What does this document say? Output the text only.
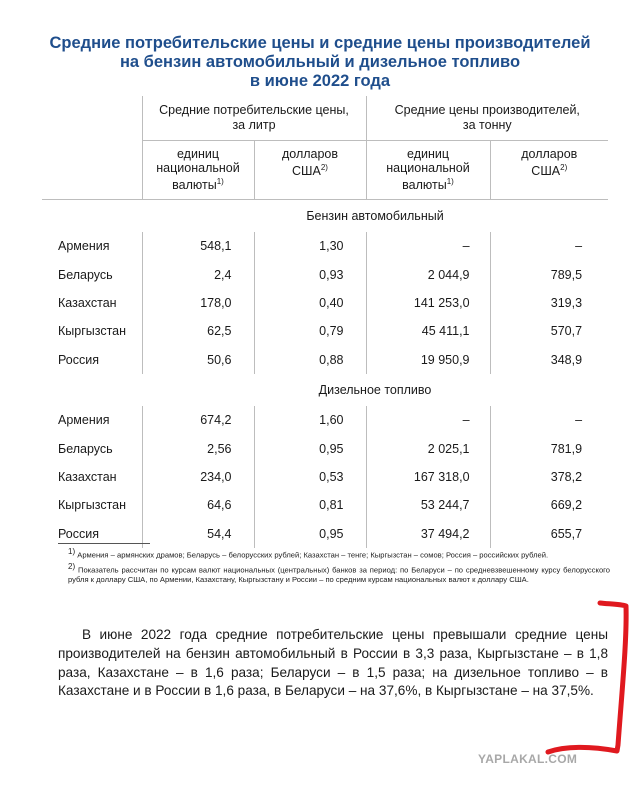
Средние потребительские цены и средние цены производителей
на бензин автомобильный и дизельное топливо
в июне 2022 года
	Средние потребительские цены,
за литр		Средние цены производителей,
за тонну	
	единиц
национальной
валюты$^{1)}$	долларов
США$^{2)}$	единиц
национальной
валюты$^{1)}$	долларов
США$^{2)}$

	Бензин автомобильный			
Армения	548,1	1,30	–	–
Беларусь	2,4	0,93	2 044,9	789,5
Казахстан	178,0	0,40	141 253,0	319,3
Кыргызстан	62,5	0,79	45 411,1	570,7
Россия	50,6	0,88	19 950,9	348,9
	Дизельное топливо			
Армения	674,2	1,60	–	–
Беларусь	2,56	0,95	2 025,1	781,9
Казахстан	234,0	0,53	167 318,0	378,2
Кыргызстан	64,6	0,81	53 244,7	669,2
Россия	54,4	0,95	37 494,2	655,7

$^{1)}$ Армения – армянских драмов; Беларусь – белорусских рублей; Казахстан – тенге; Кыргызстан – сомов; Россия – российских рублей.

$^{2)}$ Показатель рассчитан по курсам валют национальных (центральных) банков за период: по Беларуси – по средневзвешенному курсу белорусского рубля к доллару США, по Армении, Казахстану, Кыргызстану и России – по средним курсам национальных валют к доллару США.

В июне 2022 года средние потребительские цены превышали средние цены производителей на бензин автомобильный в России в 3,3 раза, Кыргызстане – в 1,8 раза, Казахстане – в 1,6 раза; Беларуси – в 1,5 раза; на дизельное топливо – в Казахстане и в России в 1,6 раза, в Беларуси – на 37,6%, в Кыргызстане – на 37,5%.
YAPLAKAL.COM
